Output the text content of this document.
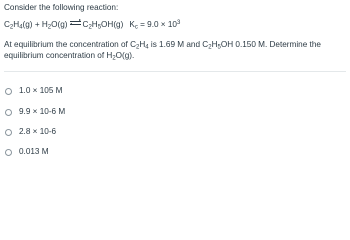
Consider the following reaction:
$C_2H_4(g) + H_2O(g)$ $C_2H_5OH(g) K_c = 9.0 \times 10^3$
At equilibrium the concentration of $C_2H_4$ is 1.69 M and $C_2H_5OH$ 0.150 M. Determine the
equilibrium concentration of $H_2O(g)$.
1.0 × 105 M
9.9 × 10-6 M
2.8 × 10-6
0.013 M
